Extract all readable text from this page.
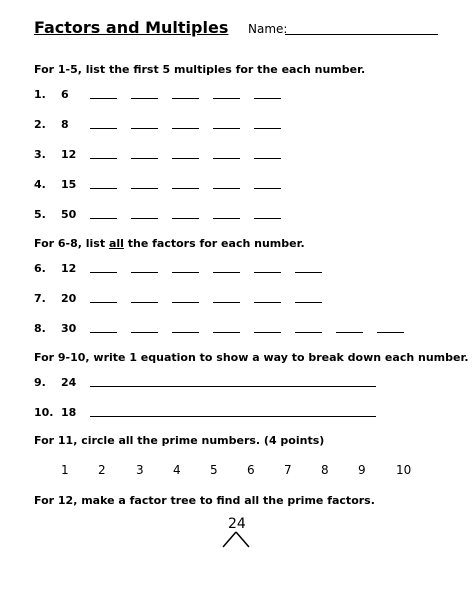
Factors and Multiples Name:
For 1-5, list the first 5 multiples for the each number.
1. 6
2. 8
3. 12
4. 15
5. 50
For 6-8, list all the factors for each number.
6. 12
7. 20
8. 30
For 9-10, write 1 equation to show a way to break down each number.
9. 24
10. 18
For 11, circle all the prime numbers. (4 points)
1 2	3 4 5 6 7 8 9	10
For 12, make a factor tree to find all the prime factors.
24
